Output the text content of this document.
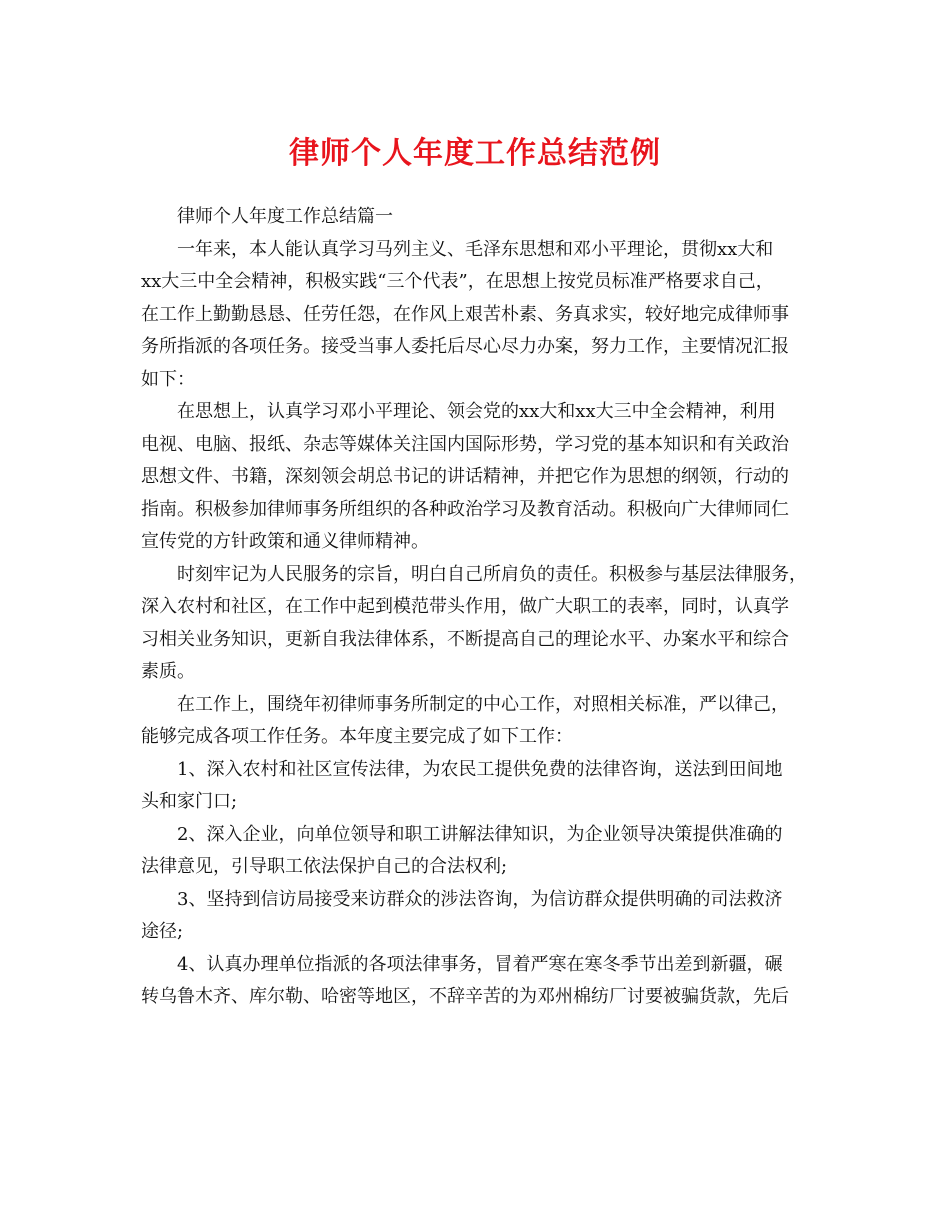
律师个人年度工作总结范例
律师个人年度工作总结篇一
一年来，本人能认真学习马列主义、毛泽东思想和邓小平理论，贯彻xx大和
xx大三中全会精神，积极实践“三个代表”，在思想上按党员标准严格要求自己，
在工作上勤勤恳恳、任劳任怨，在作风上艰苦朴素、务真求实，较好地完成律师事
务所指派的各项任务。接受当事人委托后尽心尽力办案，努力工作，主要情况汇报
如下：
在思想上，认真学习邓小平理论、领会党的xx大和xx大三中全会精神，利用
电视、电脑、报纸、杂志等媒体关注国内国际形势，学习党的基本知识和有关政治
思想文件、书籍，深刻领会胡总书记的讲话精神，并把它作为思想的纲领，行动的
指南。积极参加律师事务所组织的各种政治学习及教育活动。积极向广大律师同仁
宣传党的方针政策和通义律师精神。
时刻牢记为人民服务的宗旨，明白自己所肩负的责任。积极参与基层法律服务，
深入农村和社区，在工作中起到模范带头作用，做广大职工的表率，同时，认真学
习相关业务知识，更新自我法律体系，不断提高自己的理论水平、办案水平和综合
素质。
在工作上，围绕年初律师事务所制定的中心工作，对照相关标准，严以律己，
能够完成各项工作任务。本年度主要完成了如下工作：
1、深入农村和社区宣传法律，为农民工提供免费的法律咨询，送法到田间地
头和家门口;
2、深入企业，向单位领导和职工讲解法律知识，为企业领导决策提供准确的
法律意见，引导职工依法保护自己的合法权利;
3、坚持到信访局接受来访群众的涉法咨询，为信访群众提供明确的司法救济
途径;
4、认真办理单位指派的各项法律事务，冒着严寒在寒冬季节出差到新疆，碾
转乌鲁木齐、库尔勒、哈密等地区，不辞辛苦的为邓州棉纺厂讨要被骗货款，先后
